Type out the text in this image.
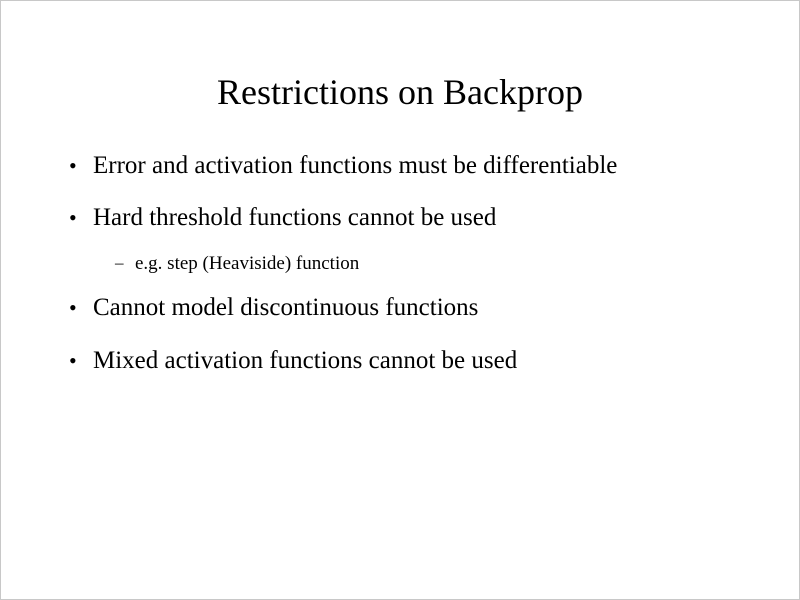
Restrictions on Backprop
• Error and activation functions must be differentiable
• Hard threshold functions cannot be used
– e.g. step (Heaviside) function
• Cannot model discontinuous functions
• Mixed activation functions cannot be used
